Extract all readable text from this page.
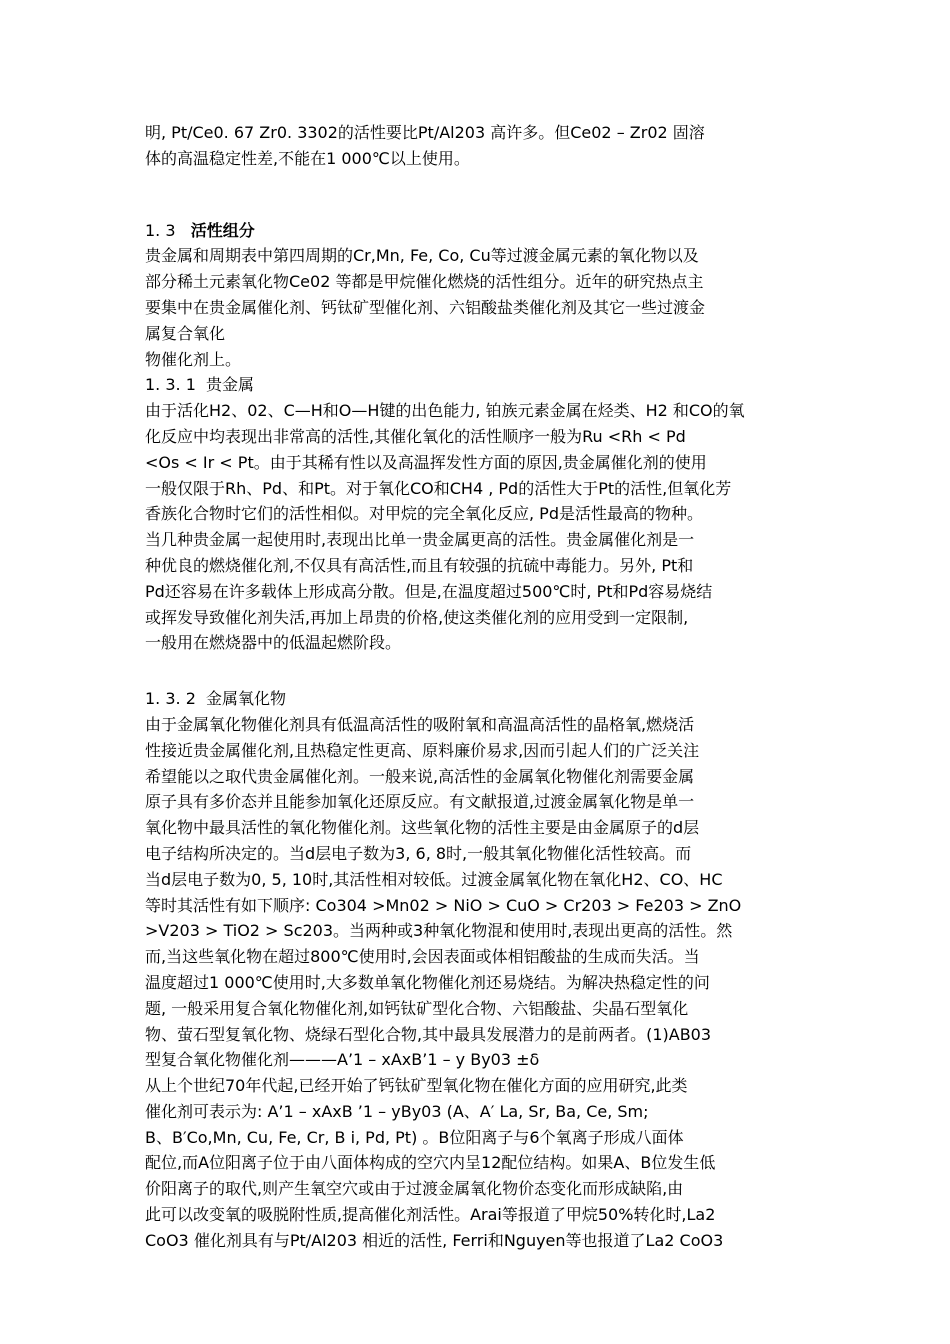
明, Pt/Ce0. 67 Zr0. 3302的活性要比Pt/Al203 高许多。但Ce02 – Zr02 固溶
体的高温稳定性差,不能在1 000℃以上使用。
1. 3 活性组分
贵金属和周期表中第四周期的Cr,Mn, Fe, Co, Cu等过渡金属元素的氧化物以及
部分稀土元素氧化物Ce02 等都是甲烷催化燃烧的活性组分。近年的研究热点主
要集中在贵金属催化剂、钙钛矿型催化剂、六铝酸盐类催化剂及其它一些过渡金
属复合氧化
物催化剂上。
1. 3. 1  贵金属
由于活化H2、02、C—H和O—H键的出色能力, 铂族元素金属在烃类、H2 和CO的氧
化反应中均表现出非常高的活性,其催化氧化的活性顺序一般为Ru <Rh < Pd
<Os < Ir < Pt。由于其稀有性以及高温挥发性方面的原因,贵金属催化剂的使用
一般仅限于Rh、Pd、和Pt。对于氧化CO和CH4 , Pd的活性大于Pt的活性,但氧化芳
香族化合物时它们的活性相似。对甲烷的完全氧化反应, Pd是活性最高的物种。
当几种贵金属一起使用时,表现出比单一贵金属更高的活性。贵金属催化剂是一
种优良的燃烧催化剂,不仅具有高活性,而且有较强的抗硫中毒能力。另外, Pt和
Pd还容易在许多载体上形成高分散。但是,在温度超过500℃时, Pt和Pd容易烧结
或挥发导致催化剂失活,再加上昂贵的价格,使这类催化剂的应用受到一定限制,
一般用在燃烧器中的低温起燃阶段。
1. 3. 2  金属氧化物
由于金属氧化物催化剂具有低温高活性的吸附氧和高温高活性的晶格氧,燃烧活
性接近贵金属催化剂,且热稳定性更高、原料廉价易求,因而引起人们的广泛关注
希望能以之取代贵金属催化剂。一般来说,高活性的金属氧化物催化剂需要金属
原子具有多价态并且能参加氧化还原反应。有文献报道,过渡金属氧化物是单一
氧化物中最具活性的氧化物催化剂。这些氧化物的活性主要是由金属原子的d层
电子结构所决定的。当d层电子数为3, 6, 8时,一般其氧化物催化活性较高。而
当d层电子数为0, 5, 10时,其活性相对较低。过渡金属氧化物在氧化H2、CO、HC
等时其活性有如下顺序: Co304 >Mn02 > NiO > CuO > Cr203 > Fe203 > ZnO
>V203 > TiO2 > Sc203。当两种或3种氧化物混和使用时,表现出更高的活性。然
而,当这些氧化物在超过800℃使用时,会因表面或体相铝酸盐的生成而失活。当
温度超过1 000℃使用时,大多数单氧化物催化剂还易烧结。为解决热稳定性的问
题, 一般采用复合氧化物催化剂,如钙钛矿型化合物、六铝酸盐、尖晶石型氧化
物、萤石型复氧化物、烧绿石型化合物,其中最具发展潜力的是前两者。(1)AB03
型复合氧化物催化剂———A’1 – xAxB’1 – y By03 ±δ
从上个世纪70年代起,已经开始了钙钛矿型氧化物在催化方面的应用研究,此类
催化剂可表示为: A’1 – xAxB ’1 – yBy03 (A、A′ La, Sr, Ba, Ce, Sm;
B、B′Co,Mn, Cu, Fe, Cr, B i, Pd, Pt) 。B位阳离子与6个氧离子形成八面体
配位,而A位阳离子位于由八面体构成的空穴内呈12配位结构。如果A、B位发生低
价阳离子的取代,则产生氧空穴或由于过渡金属氧化物价态变化而形成缺陷,由
此可以改变氧的吸脱附性质,提高催化剂活性。Arai等报道了甲烷50%转化时,La2
CoO3 催化剂具有与Pt/Al203 相近的活性, Ferri和Nguyen等也报道了La2 CoO3
